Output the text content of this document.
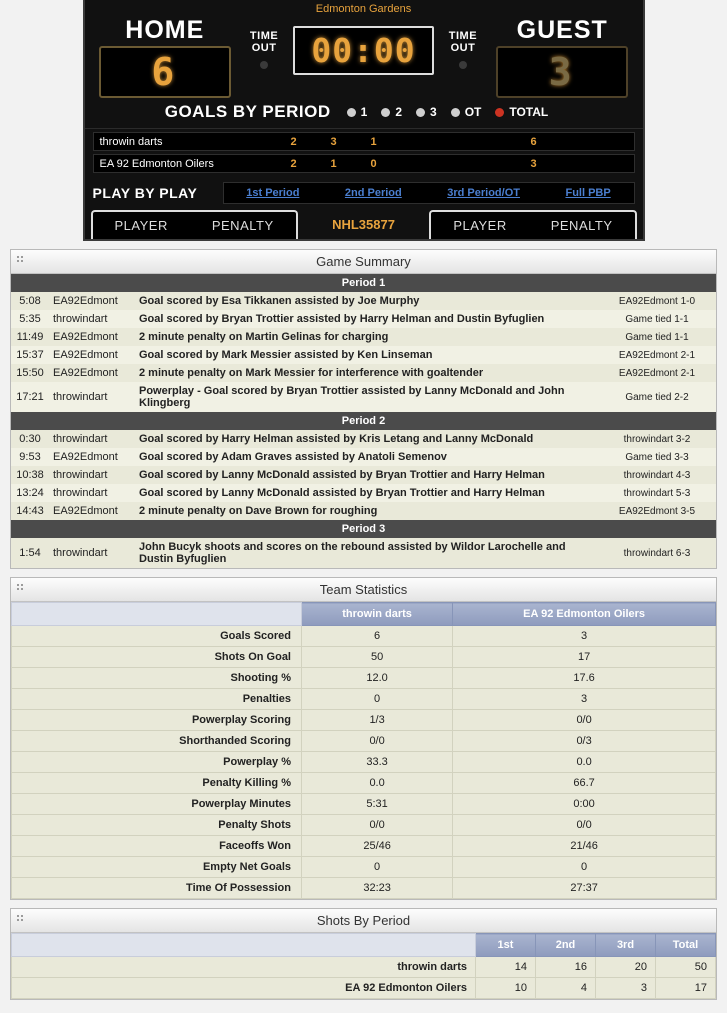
Edmonton Gardens
HOME
6
TIME
OUT	00:00	TIME
OUT
GUEST
3
GOALS BY PERIOD	1 2 3 OT TOTAL
throwin darts	2	3	1	6
EA 92 Edmonton Oilers	2	1	0	3
PLAY BY PLAY	1st Period	2nd Period	3rd Period/OT	Full PBP
PLAYER	PENALTY	NHL35877	PLAYER	PENALTY
Game Summary
Period 1			
5:08	EA92Edmont	Goal scored by Esa Tikkanen assisted by Joe Murphy	EA92Edmont 1-0
5:35	throwindart	Goal scored by Bryan Trottier assisted by Harry Helman and Dustin Byfuglien	Game tied 1-1
11:49	EA92Edmont	2 minute penalty on Martin Gelinas for charging	Game tied 1-1
15:37	EA92Edmont	Goal scored by Mark Messier assisted by Ken Linseman	EA92Edmont 2-1
15:50	EA92Edmont	2 minute penalty on Mark Messier for interference with goaltender	EA92Edmont 2-1
17:21	throwindart	Powerplay - Goal scored by Bryan Trottier assisted by Lanny McDonald and John Klingberg	Game tied 2-2
Period 2			
0:30	throwindart	Goal scored by Harry Helman assisted by Kris Letang and Lanny McDonald	throwindart 3-2
9:53	EA92Edmont	Goal scored by Adam Graves assisted by Anatoli Semenov	Game tied 3-3
10:38	throwindart	Goal scored by Lanny McDonald assisted by Bryan Trottier and Harry Helman	throwindart 4-3
13:24	throwindart	Goal scored by Lanny McDonald assisted by Bryan Trottier and Harry Helman	throwindart 5-3
14:43	EA92Edmont	2 minute penalty on Dave Brown for roughing	EA92Edmont 3-5
Period 3			
1:54	throwindart	John Bucyk shoots and scores on the rebound assisted by Wildor Larochelle and Dustin Byfuglien	throwindart 6-3
Team Statistics
	throwin darts	EA 92 Edmonton Oilers
Goals Scored	6	3
Shots On Goal	50	17
Shooting %	12.0	17.6
Penalties	0	3
Powerplay Scoring	1/3	0/0
Shorthanded Scoring	0/0	0/3
Powerplay %	33.3	0.0
Penalty Killing %	0.0	66.7
Powerplay Minutes	5:31	0:00
Penalty Shots	0/0	0/0
Faceoffs Won	25/46	21/46
Empty Net Goals	0	0
Time Of Possession	32:23	27:37
Shots By Period
	1st	2nd	3rd	Total
throwin darts	14	16	20	50
EA 92 Edmonton Oilers	10	4	3	17
